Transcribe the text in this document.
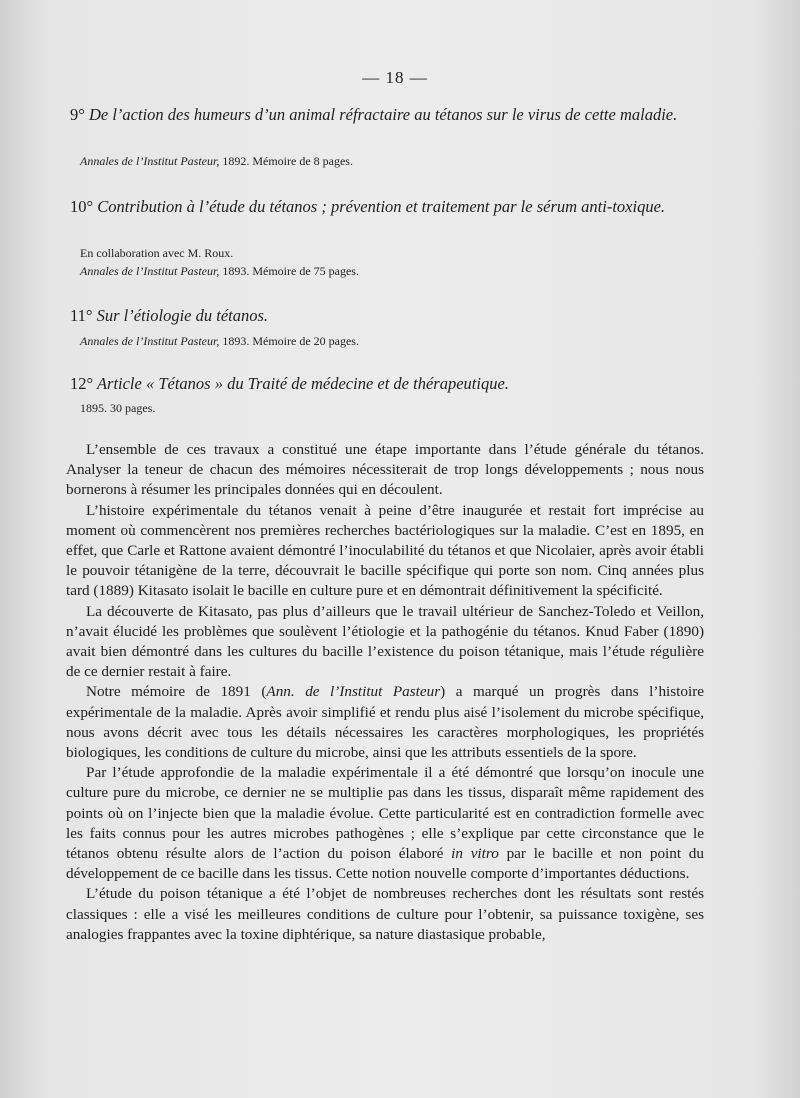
— 18 —
9° De l’action des humeurs d’un animal réfractaire au tétanos sur le virus de cette maladie.
Annales de l’Institut Pasteur, 1892. Mémoire de 8 pages.
10° Contribution à l’étude du tétanos ; prévention et traitement par le sérum anti-toxique.
En collaboration avec M. Roux.
Annales de l’Institut Pasteur, 1893. Mémoire de 75 pages.
11° Sur l’étiologie du tétanos.
Annales de l’Institut Pasteur, 1893. Mémoire de 20 pages.
12° Article « Tétanos » du Traité de médecine et de thérapeutique.
1895. 30 pages.

L’ensemble de ces travaux a constitué une étape importante dans l’étude générale du tétanos. Analyser la teneur de chacun des mémoires nécessiterait de trop longs développements ; nous nous bornerons à résumer les principales données qui en découlent.

L’histoire expérimentale du tétanos venait à peine d’être inaugurée et restait fort imprécise au moment où commencèrent nos premières recherches bactériologiques sur la maladie. C’est en 1895, en effet, que Carle et Rattone avaient démontré l’inoculabilité du tétanos et que Nicolaier, après avoir établi le pouvoir tétanigène de la terre, découvrait le bacille spécifique qui porte son nom. Cinq années plus tard (1889) Kitasato isolait le bacille en culture pure et en démontrait définitivement la spécificité.

La découverte de Kitasato, pas plus d’ailleurs que le travail ultérieur de Sanchez-Toledo et Veillon, n’avait élucidé les problèmes que soulèvent l’étiologie et la pathogénie du tétanos. Knud Faber (1890) avait bien démontré dans les cultures du bacille l’existence du poison tétanique, mais l’étude régulière de ce dernier restait à faire.

Notre mémoire de 1891 (Ann. de l’Institut Pasteur) a marqué un progrès dans l’histoire expérimentale de la maladie. Après avoir simplifié et rendu plus aisé l’isolement du microbe spécifique, nous avons décrit avec tous les détails nécessaires les caractères morphologiques, les propriétés biologiques, les conditions de culture du microbe, ainsi que les attributs essentiels de la spore.

Par l’étude approfondie de la maladie expérimentale il a été démontré que lorsqu’on inocule une culture pure du microbe, ce dernier ne se multiplie pas dans les tissus, disparaît même rapidement des points où on l’injecte bien que la maladie évolue. Cette particularité est en contradiction formelle avec les faits connus pour les autres microbes pathogènes ; elle s’explique par cette circonstance que le tétanos obtenu résulte alors de l’action du poison élaboré in vitro par le bacille et non point du développement de ce bacille dans les tissus. Cette notion nouvelle comporte d’importantes déductions.

L’étude du poison tétanique a été l’objet de nombreuses recherches dont les résultats sont restés classiques : elle a visé les meilleures conditions de culture pour l’obtenir, sa puissance toxigène, ses analogies frappantes avec la toxine diphtérique, sa nature diastasique probable,
